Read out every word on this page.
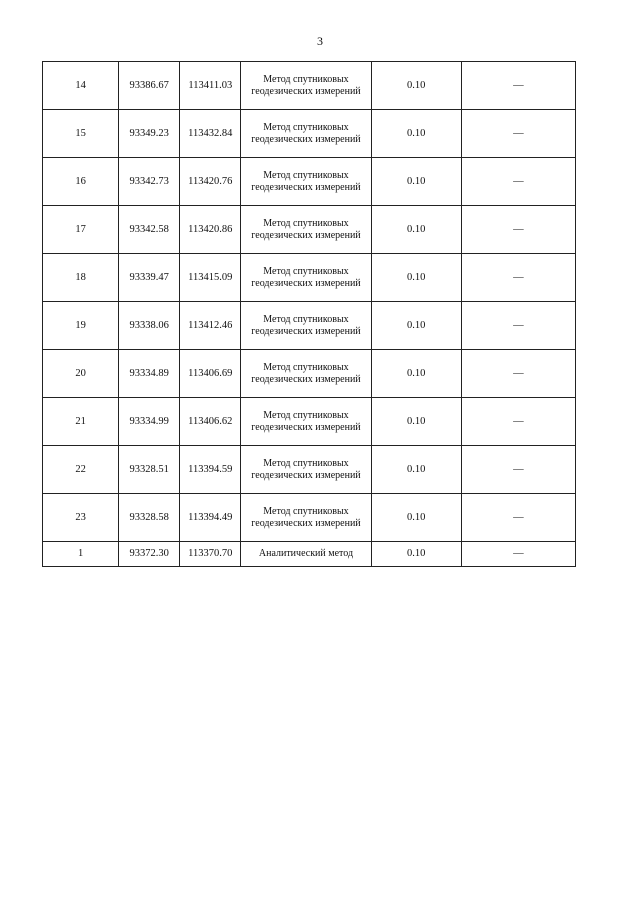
3
14	93386.67	113411.03	Метод спутниковых геодезических измерений	0.10	—
15	93349.23	113432.84	Метод спутниковых геодезических измерений	0.10	—
16	93342.73	113420.76	Метод спутниковых геодезических измерений	0.10	—
17	93342.58	113420.86	Метод спутниковых геодезических измерений	0.10	—
18	93339.47	113415.09	Метод спутниковых геодезических измерений	0.10	—
19	93338.06	113412.46	Метод спутниковых геодезических измерений	0.10	—
20	93334.89	113406.69	Метод спутниковых геодезических измерений	0.10	—
21	93334.99	113406.62	Метод спутниковых геодезических измерений	0.10	—
22	93328.51	113394.59	Метод спутниковых геодезических измерений	0.10	—
23	93328.58	113394.49	Метод спутниковых геодезических измерений	0.10	—
1	93372.30	113370.70	Аналитический метод	0.10	—
